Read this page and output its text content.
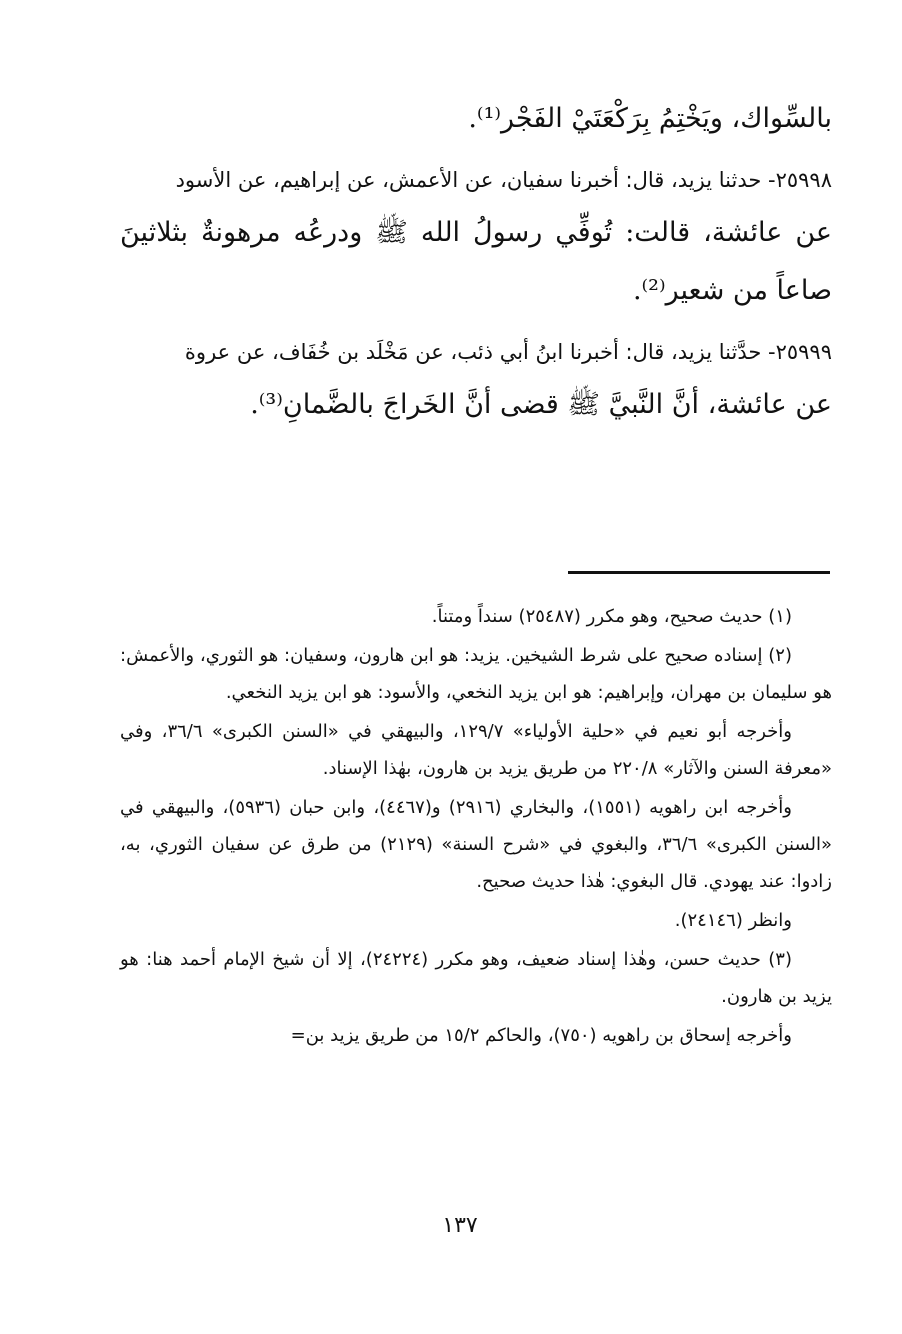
بالسِّواك، ويَخْتِمُ بِرَكْعَتَيْ الفَجْر⁽¹⁾.

٢٥٩٩٨- حدثنا يزيد، قال: أخبرنا سفيان، عن الأعمش، عن إبراهيم، عن الأسود

عن عائشة، قالت: تُوفِّي رسولُ الله ﷺ ودرعُه مرهونةٌ بثلاثينَ صاعاً من شعير⁽²⁾.

٢٥٩٩٩- حدَّثنا يزيد، قال: أخبرنا ابنُ أبي ذئب، عن مَخْلَد بن خُفَاف، عن عروة

عن عائشة، أنَّ النَّبيَّ ﷺ قضى أنَّ الخَراجَ بالضَّمانِ⁽³⁾.

(١) حديث صحيح، وهو مكرر (٢٥٤٨٧) سنداً ومتناً.

(٢) إسناده صحيح على شرط الشيخين. يزيد: هو ابن هارون، وسفيان: هو الثوري، والأعمش: هو سليمان بن مهران، وإبراهيم: هو ابن يزيد النخعي، والأسود: هو ابن يزيد النخعي.

وأخرجه أبو نعيم في «حلية الأولياء» ١٢٩/٧، والبيهقي في «السنن الكبرى» ٣٦/٦، وفي «معرفة السنن والآثار» ٢٢٠/٨ من طريق يزيد بن هارون، بهٰذا الإسناد.

وأخرجه ابن راهويه (١٥٥١)، والبخاري (٢٩١٦) و(٤٤٦٧)، وابن حبان (٥٩٣٦)، والبيهقي في «السنن الكبرى» ٣٦/٦، والبغوي في «شرح السنة» (٢١٢٩) من طرق عن سفيان الثوري، به، زادوا: عند يهودي. قال البغوي: هٰذا حديث صحيح.

وانظر (٢٤١٤٦).

(٣) حديث حسن، وهٰذا إسناد ضعيف، وهو مكرر (٢٤٢٢٤)، إلا أن شيخ الإمام أحمد هنا: هو يزيد بن هارون.

وأخرجه إسحاق بن راهويه (٧٥٠)، والحاكم ١٥/٢ من طريق يزيد بن=

١٣٧
